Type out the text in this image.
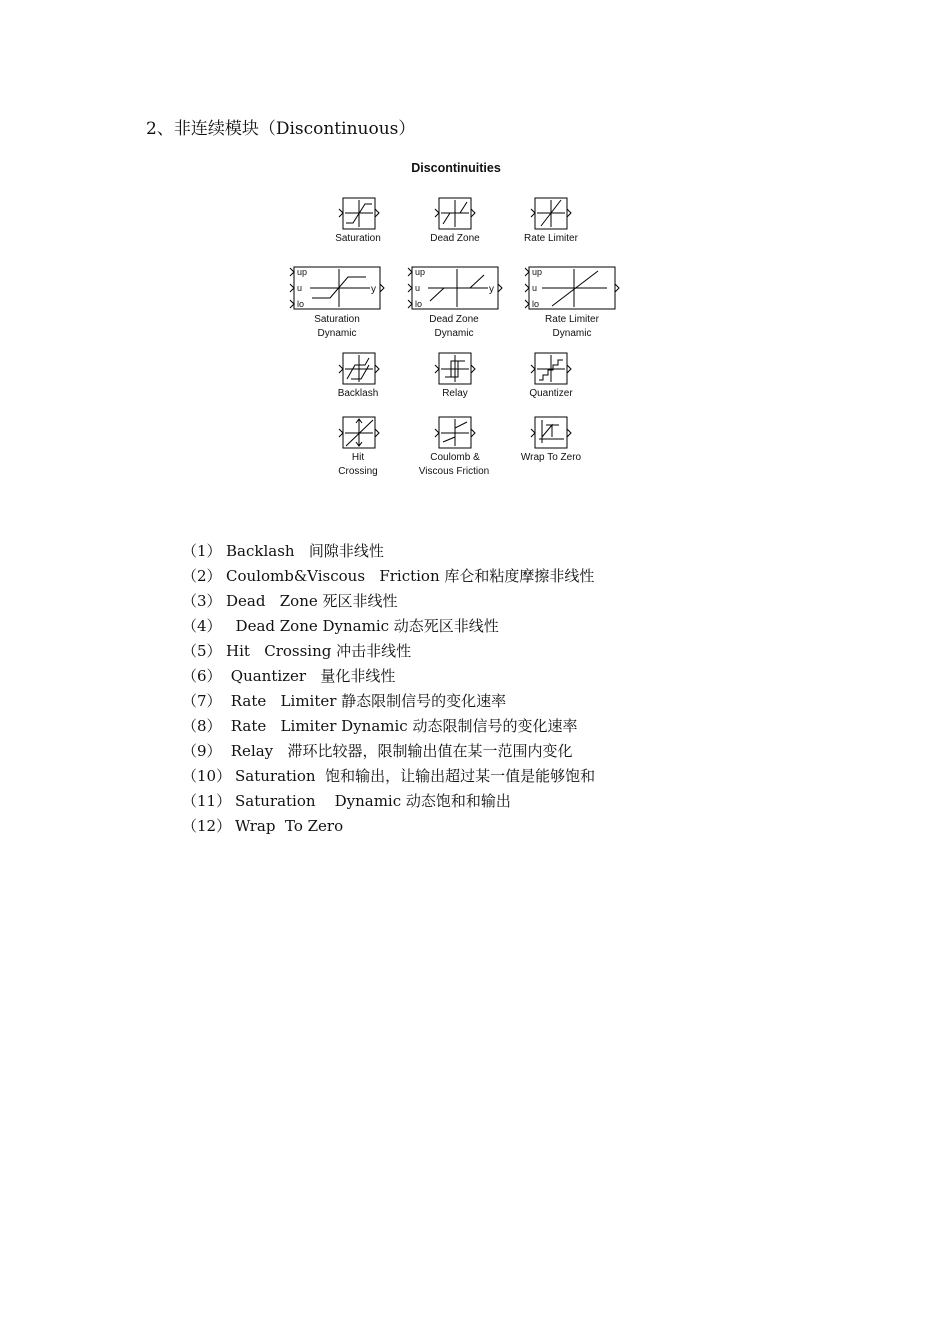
2、非连续模块（Discontinuous）
Discontinuities
Saturation	Dead Zone	Rate Limiter
up
u
lo
y
Saturation
Dynamic
up
u
lo
y
Dead Zone
Dynamic
up
u
lo
Rate Limiter
Dynamic
Backlash	Relay	Quantizer
Hit
Crossing
Coulomb &
Viscous Friction
Wrap To Zero
（1） Backlash   间隙非线性
（2） Coulomb&Viscous   Friction 库仑和粘度摩擦非线性
（3） Dead   Zone 死区非线性
（4）  Dead Zone Dynamic 动态死区非线性
（5） Hit   Crossing 冲击非线性
（6） Quantizer   量化非线性
（7） Rate   Limiter 静态限制信号的变化速率
（8） Rate   Limiter Dynamic 动态限制信号的变化速率
（9） Relay   滞环比较器，限制输出值在某一范围内变化
（10） Saturation  饱和输出，让输出超过某一值是能够饱和
（11） Saturation    Dynamic 动态饱和和输出
（12） Wrap  To Zero
